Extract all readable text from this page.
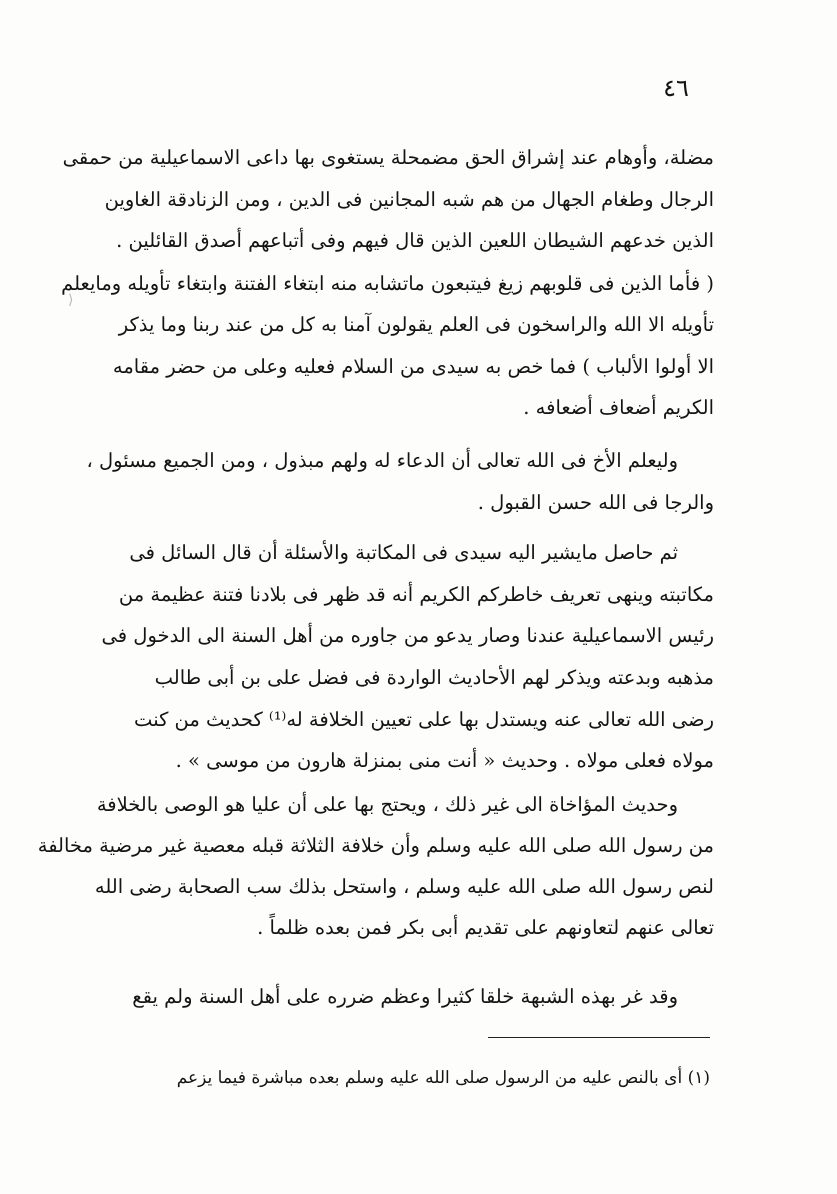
٤٦
مضلة، وأوهام عند إشراق الحق مضمحلة يستغوى بها داعى الاسماعيلية من حمقى
الرجال وطغام الجهال من هم شبه المجانين فى الدين ، ومن الزنادقة الغاوين
الذين خدعهم الشيطان اللعين الذين قال فيهم وفى أتباعهم أصدق القائلين .
( فأما الذين فى قلوبهم زيغ فيتبعون ماتشابه منه ابتغاء الفتنة وابتغاء تأويله ومايعلم
تأويله الا الله والراسخون فى العلم يقولون آمنا به كل من عند ربنا وما يذكر
الا أولوا الألباب ) فما خص به سيدى من السلام فعليه وعلى من حضر مقامه
الكريم أضعاف أضعافه .
وليعلم الأخ فى الله تعالى أن الدعاء له ولهم مبذول ، ومن الجميع مسئول ،
والرجا فى الله حسن القبول .
ثم حاصل مايشير اليه سيدى فى المكاتبة والأسئلة أن قال السائل فى
مكاتبته وينهى تعريف خاطركم الكريم أنه قد ظهر فى بلادنا فتنة عظيمة من
رئيس الاسماعيلية عندنا وصار يدعو من جاوره من أهل السنة الى الدخول فى
مذهبه وبدعته ويذكر لهم الأحاديث الواردة فى فضل على بن أبى طالب
رضى الله تعالى عنه ويستدل بها على تعيين الخلافة له⁽¹⁾ كحديث من كنت
مولاه فعلى مولاه . وحديث « أنت منى بمنزلة هارون من موسى » .
وحديث المؤاخاة الى غير ذلك ، ويحتج بها على أن عليا هو الوصى بالخلافة
من رسول الله صلى الله عليه وسلم وأن خلافة الثلاثة قبله معصية غير مرضية مخالفة
لنص رسول الله صلى الله عليه وسلم ، واستحل بذلك سب الصحابة رضى الله
تعالى عنهم لتعاونهم على تقديم أبى بكر فمن بعده ظلماً .
وقد غر بهذه الشبهة خلقا كثيرا وعظم ضرره على أهل السنة ولم يقع
(١) أى بالنص عليه من الرسول صلى الله عليه وسلم بعده مباشرة فيما يزعم
⟩
